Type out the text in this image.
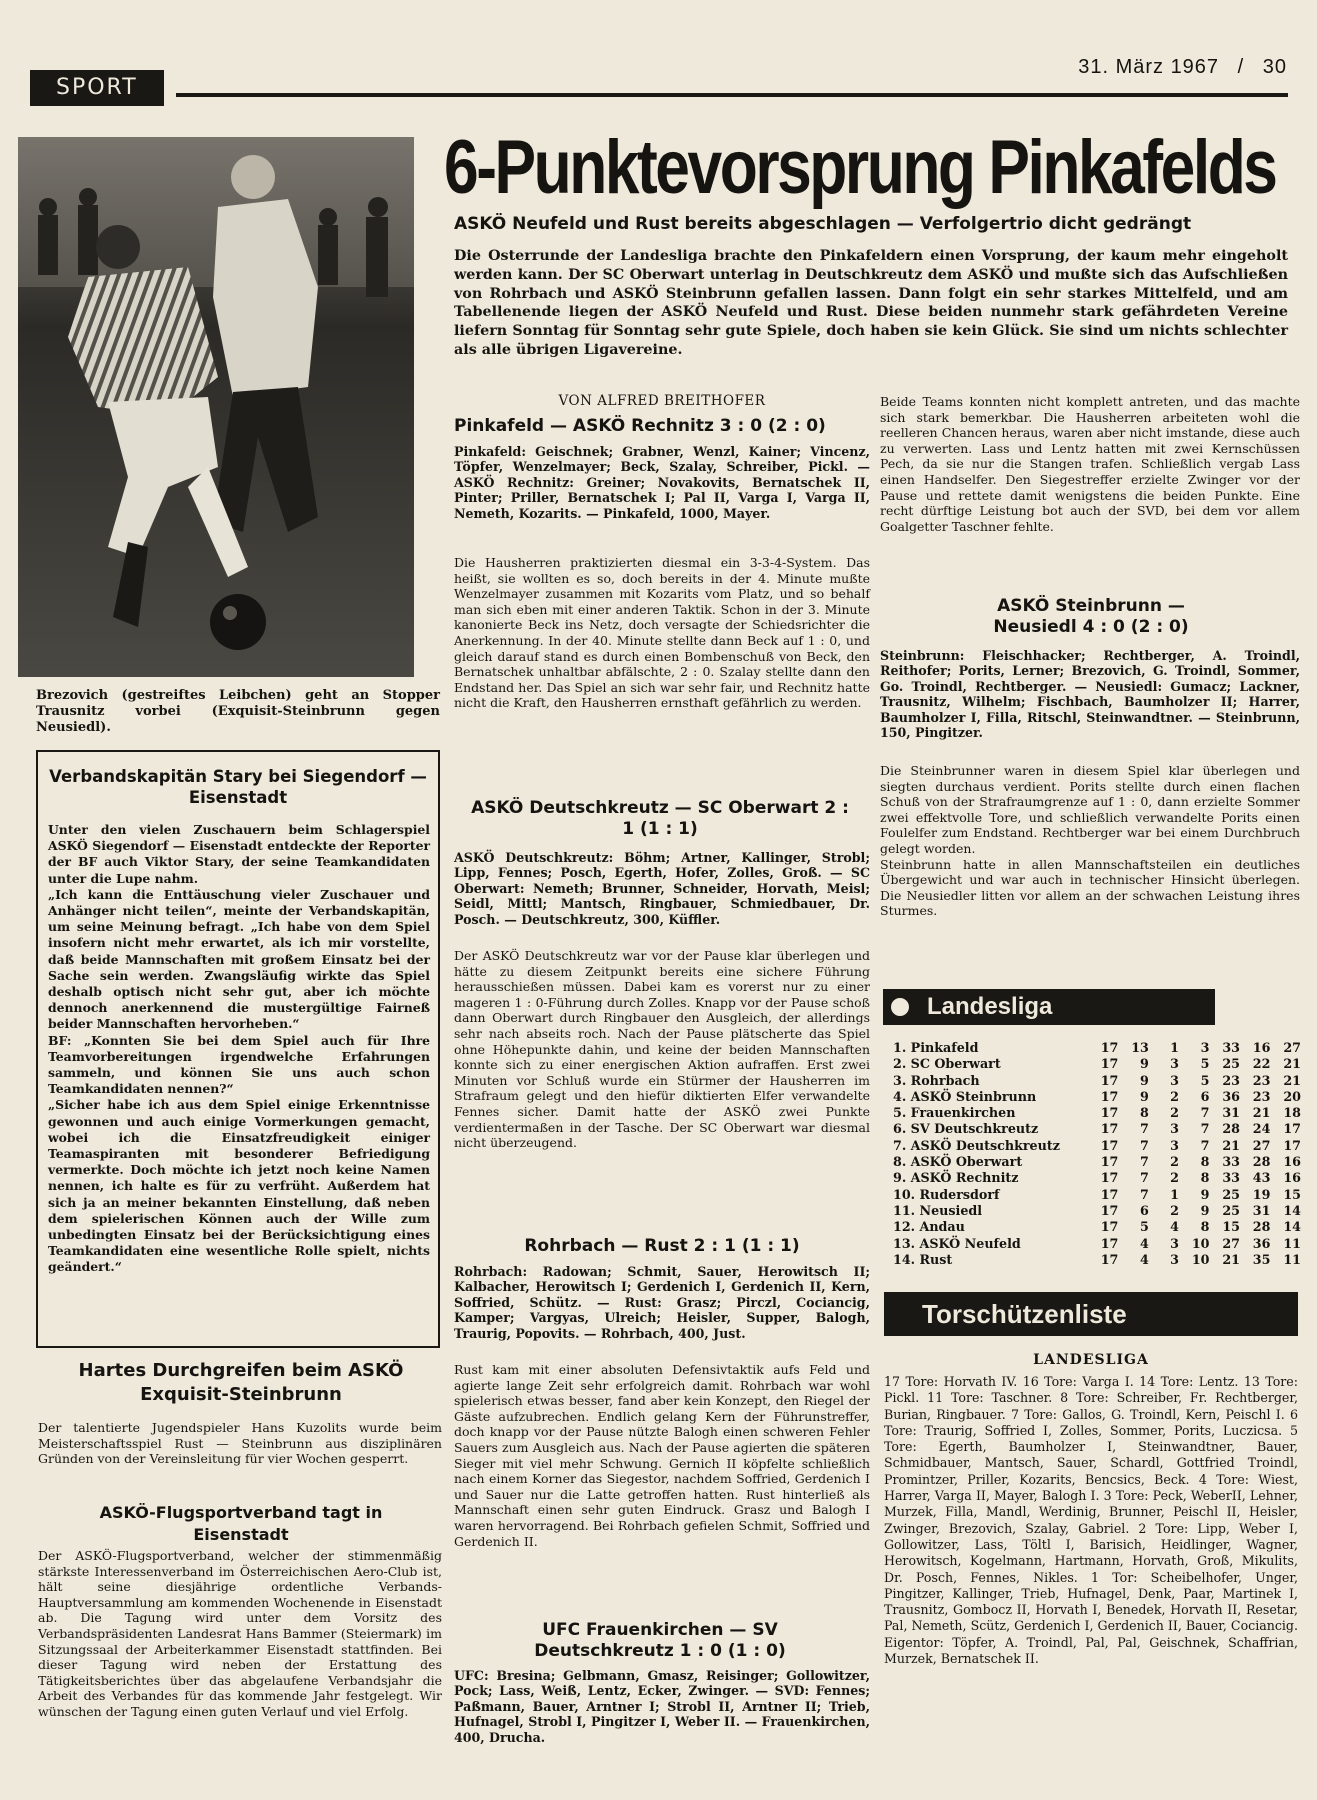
SPORT
31. März 1967 / 30

Brezovich (gestreiftes Leibchen) geht an Stopper Trausnitz vorbei (Exquisit-Steinbrunn gegen Neusiedl).

6-Punktevorsprung Pinkafelds
ASKÖ Neufeld und Rust bereits abgeschlagen — Verfolgertrio dicht gedrängt

Die Osterrunde der Landesliga brachte den Pinkafeldern einen Vorsprung, der kaum mehr eingeholt werden kann. Der SC Oberwart unterlag in Deutschkreutz dem ASKÖ und mußte sich das Aufschließen von Rohrbach und ASKÖ Steinbrunn gefallen lassen. Dann folgt ein sehr starkes Mittelfeld, und am Tabellenende liegen der ASKÖ Neufeld und Rust. Diese beiden nunmehr stark gefährdeten Vereine liefern Sonntag für Sonntag sehr gute Spiele, doch haben sie kein Glück. Sie sind um nichts schlechter als alle übrigen Ligavereine.

VON ALFRED BREITHOFER
Pinkafeld — ASKÖ Rechnitz 3 : 0 (2 : 0)

Pinkafeld: Geischnek; Grabner, Wenzl, Kainer; Vincenz, Töpfer, Wenzelmayer; Beck, Szalay, Schreiber, Pickl. — ASKÖ Rechnitz: Greiner; Novakovits, Bernatschek II, Pinter; Priller, Bernatschek I; Pal II, Varga I, Varga II, Nemeth, Kozarits. — Pinkafeld, 1000, Mayer.

Die Hausherren praktizierten diesmal ein 3-3-4-System. Das heißt, sie wollten es so, doch bereits in der 4. Minute mußte Wenzelmayer zusammen mit Kozarits vom Platz, und so behalf man sich eben mit einer anderen Taktik. Schon in der 3. Minute kanonierte Beck ins Netz, doch versagte der Schiedsrichter die Anerkennung. In der 40. Minute stellte dann Beck auf 1 : 0, und gleich darauf stand es durch einen Bombenschuß von Beck, den Bernatschek unhaltbar abfälschte, 2 : 0. Szalay stellte dann den Endstand her. Das Spiel an sich war sehr fair, und Rechnitz hatte nicht die Kraft, den Hausherren ernsthaft gefährlich zu werden.

ASKÖ Deutschkreutz — SC Oberwart 2 : 1 (1 : 1)

ASKÖ Deutschkreutz: Böhm; Artner, Kallinger, Strobl; Lipp, Fennes; Posch, Egerth, Hofer, Zolles, Groß. — SC Oberwart: Nemeth; Brunner, Schneider, Horvath, Meisl; Seidl, Mittl; Mantsch, Ringbauer, Schmiedbauer, Dr. Posch. — Deutschkreutz, 300, Küffler.

Der ASKÖ Deutschkreutz war vor der Pause klar überlegen und hätte zu diesem Zeitpunkt bereits eine sichere Führung herausschießen müssen. Dabei kam es vorerst nur zu einer mageren 1 : 0-Führung durch Zolles. Knapp vor der Pause schoß dann Oberwart durch Ringbauer den Ausgleich, der allerdings sehr nach abseits roch. Nach der Pause plätscherte das Spiel ohne Höhepunkte dahin, und keine der beiden Mannschaften konnte sich zu einer energischen Aktion aufraffen. Erst zwei Minuten vor Schluß wurde ein Stürmer der Hausherren im Strafraum gelegt und den hiefür diktierten Elfer verwandelte Fennes sicher. Damit hatte der ASKÖ zwei Punkte verdientermaßen in der Tasche. Der SC Oberwart war diesmal nicht überzeugend.

Rohrbach — Rust 2 : 1 (1 : 1)

Rohrbach: Radowan; Schmit, Sauer, Herowitsch II; Kalbacher, Herowitsch I; Gerdenich I, Gerdenich II, Kern, Soffried, Schütz. — Rust: Grasz; Pirczl, Cociancig, Kamper; Vargyas, Ulreich; Heisler, Supper, Balogh, Traurig, Popovits. — Rohrbach, 400, Just.

Rust kam mit einer absoluten Defensivtaktik aufs Feld und agierte lange Zeit sehr erfolgreich damit. Rohrbach war wohl spielerisch etwas besser, fand aber kein Konzept, den Riegel der Gäste aufzubrechen. Endlich gelang Kern der Führunstreffer, doch knapp vor der Pause nützte Balogh einen schweren Fehler Sauers zum Ausgleich aus. Nach der Pause agierten die späteren Sieger mit viel mehr Schwung. Gernich II köpfelte schließlich nach einem Korner das Siegestor, nachdem Soffried, Gerdenich I und Sauer nur die Latte getroffen hatten. Rust hinterließ als Mannschaft einen sehr guten Eindruck. Grasz und Balogh I waren hervorragend. Bei Rohrbach gefielen Schmit, Soffried und Gerdenich II.

UFC Frauenkirchen — SV Deutschkreutz 1 : 0 (1 : 0)

UFC: Bresina; Gelbmann, Gmasz, Reisinger; Gollowitzer, Pock; Lass, Weiß, Lentz, Ecker, Zwinger. — SVD: Fennes; Paßmann, Bauer, Arntner I; Strobl II, Arntner II; Trieb, Hufnagel, Strobl I, Pingitzer I, Weber II. — Frauenkirchen, 400, Drucha.

Beide Teams konnten nicht komplett antreten, und das machte sich stark bemerkbar. Die Hausherren arbeiteten wohl die reelleren Chancen heraus, waren aber nicht imstande, diese auch zu verwerten. Lass und Lentz hatten mit zwei Kernschüssen Pech, da sie nur die Stangen trafen. Schließlich vergab Lass einen Handselfer. Den Siegestreffer erzielte Zwinger vor der Pause und rettete damit wenigstens die beiden Punkte. Eine recht dürftige Leistung bot auch der SVD, bei dem vor allem Goalgetter Taschner fehlte.

ASKÖ Steinbrunn — Neusiedl 4 : 0 (2 : 0)

Steinbrunn: Fleischhacker; Rechtberger, A. Troindl, Reithofer; Porits, Lerner; Brezovich, G. Troindl, Sommer, Go. Troindl, Rechtberger. — Neusiedl: Gumacz; Lackner, Trausnitz, Wilhelm; Fischbach, Baumholzer II; Harrer, Baumholzer I, Filla, Ritschl, Steinwandtner. — Steinbrunn, 150, Pingitzer.

Die Steinbrunner waren in diesem Spiel klar überlegen und siegten durchaus verdient. Porits stellte durch einen flachen Schuß von der Strafraumgrenze auf 1 : 0, dann erzielte Sommer zwei effektvolle Tore, und schließlich verwandelte Porits einen Foulelfer zum Endstand. Rechtberger war bei einem Durchbruch gelegt worden.
Steinbrunn hatte in allen Mannschaftsteilen ein deutliches Übergewicht und war auch in technischer Hinsicht überlegen. Die Neusiedler litten vor allem an der schwachen Leistung ihres Sturmes.

Landesliga
1. Pinkafeld	17	13	1	3	33	16	27
2. SC Oberwart	17	9	3	5	25	22	21
3. Rohrbach	17	9	3	5	23	23	21
4. ASKÖ Steinbrunn	17	9	2	6	36	23	20
5. Frauenkirchen	17	8	2	7	31	21	18
6. SV Deutschkreutz	17	7	3	7	28	24	17
7. ASKÖ Deutschkreutz	17	7	3	7	21	27	17
8. ASKÖ Oberwart	17	7	2	8	33	28	16
9. ASKÖ Rechnitz	17	7	2	8	33	43	16
10. Rudersdorf	17	7	1	9	25	19	15
11. Neusiedl	17	6	2	9	25	31	14
12. Andau	17	5	4	8	15	28	14
13. ASKÖ Neufeld	17	4	3	10	27	36	11
14. Rust	17	4	3	10	21	35	11
Torschützenliste
LANDESLIGA

17 Tore: Horvath IV. 16 Tore: Varga I. 14 Tore: Lentz. 13 Tore: Pickl. 11 Tore: Taschner. 8 Tore: Schreiber, Fr. Rechtberger, Burian, Ringbauer. 7 Tore: Gallos, G. Troindl, Kern, Peischl I. 6 Tore: Traurig, Soffried I, Zolles, Sommer, Porits, Luczicsa. 5 Tore: Egerth, Baumholzer I, Steinwandtner, Bauer, Schmidbauer, Mantsch, Sauer, Schardl, Gottfried Troindl, Promintzer, Priller, Kozarits, Bencsics, Beck. 4 Tore: Wiest, Harrer, Varga II, Mayer, Balogh I. 3 Tore: Peck, WeberII, Lehner, Murzek, Filla, Mandl, Werdinig, Brunner, Peischl II, Heisler, Zwinger, Brezovich, Szalay, Gabriel. 2 Tore: Lipp, Weber I, Gollowitzer, Lass, Töltl I, Barisich, Heidlinger, Wagner, Herowitsch, Kogelmann, Hartmann, Horvath, Groß, Mikulits, Dr. Posch, Fennes, Nikles. 1 Tor: Scheibelhofer, Unger, Pingitzer, Kallinger, Trieb, Hufnagel, Denk, Paar, Martinek I, Trausnitz, Gombocz II, Horvath I, Benedek, Horvath II, Resetar, Pal, Nemeth, Scütz, Gerdenich I, Gerdenich II, Bauer, Cociancig. Eigentor: Töpfer, A. Troindl, Pal, Pal, Geischnek, Schaffrian, Murzek, Bernatschek II.

Verbandskapitän Stary bei Siegendorf — Eisenstadt

Unter den vielen Zuschauern beim Schlagerspiel ASKÖ Siegendorf — Eisenstadt entdeckte der Reporter der BF auch Viktor Stary, der seine Teamkandidaten unter die Lupe nahm.
„Ich kann die Enttäuschung vieler Zuschauer und Anhänger nicht teilen“, meinte der Verbandskapitän, um seine Meinung befragt. „Ich habe von dem Spiel insofern nicht mehr erwartet, als ich mir vorstellte, daß beide Mannschaften mit großem Einsatz bei der Sache sein werden. Zwangsläufig wirkte das Spiel deshalb optisch nicht sehr gut, aber ich möchte dennoch anerkennend die mustergültige Fairneß beider Mannschaften hervorheben.“
BF: „Konnten Sie bei dem Spiel auch für Ihre Teamvorbereitungen irgendwelche Erfahrungen sammeln, und können Sie uns auch schon Teamkandidaten nennen?“
„Sicher habe ich aus dem Spiel einige Erkenntnisse gewonnen und auch einige Vormerkungen gemacht, wobei ich die Einsatzfreudigkeit einiger Teamaspiranten mit besonderer Befriedigung vermerkte. Doch möchte ich jetzt noch keine Namen nennen, ich halte es für zu verfrüht. Außerdem hat sich ja an meiner bekannten Einstellung, daß neben dem spielerischen Können auch der Wille zum unbedingten Einsatz bei der Berücksichtigung eines Teamkandidaten eine wesentliche Rolle spielt, nichts geändert.“

Hartes Durchgreifen beim ASKÖ Exquisit-Steinbrunn

Der talentierte Jugendspieler Hans Kuzolits wurde beim Meisterschaftsspiel Rust — Steinbrunn aus disziplinären Gründen von der Vereinsleitung für vier Wochen gesperrt.

ASKÖ-Flugsportverband tagt in Eisenstadt

Der ASKÖ-Flugsportverband, welcher der stimmenmäßig stärkste Interessenverband im Österreichischen Aero-Club ist, hält seine diesjährige ordentliche Verbands-Hauptversammlung am kommenden Wochenende in Eisenstadt ab. Die Tagung wird unter dem Vorsitz des Verbandspräsidenten Landesrat Hans Bammer (Steiermark) im Sitzungssaal der Arbeiterkammer Eisenstadt stattfinden. Bei dieser Tagung wird neben der Erstattung des Tätigkeitsberichtes über das abgelaufene Verbandsjahr die Arbeit des Verbandes für das kommende Jahr festgelegt. Wir wünschen der Tagung einen guten Verlauf und viel Erfolg.
